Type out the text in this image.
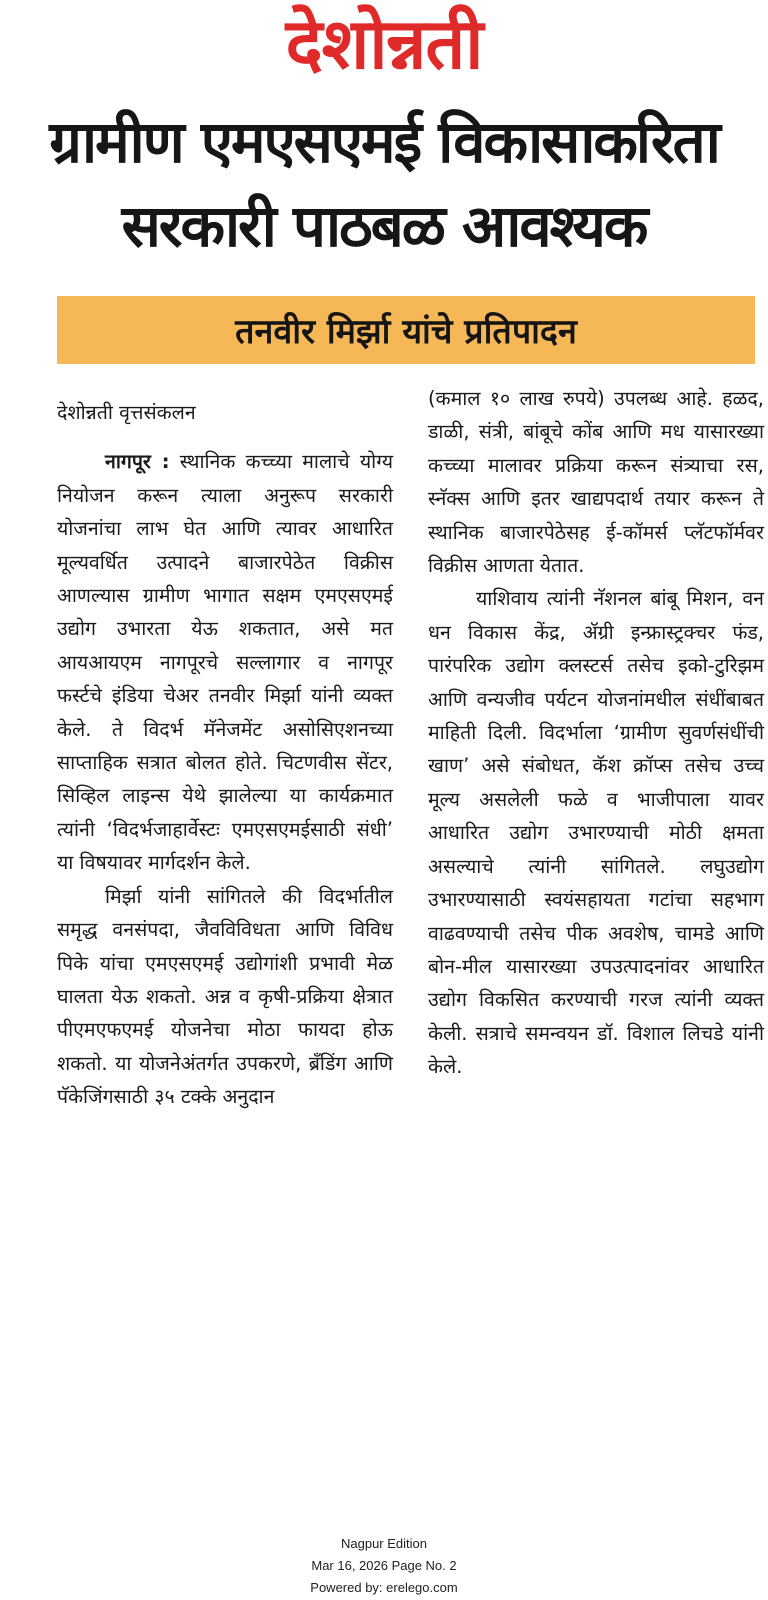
देशोन्नती
ग्रामीण एमएसएमई विकासाकरिता
सरकारी पाठबळ आवश्यक
तनवीर मिर्झा यांचे प्रतिपादन

देशोन्नती वृत्तसंकलन

नागपूर : स्थानिक कच्च्या मालाचे योग्य नियोजन करून त्याला अनुरूप सरकारी योजनांचा लाभ घेत आणि त्यावर आधारित मूल्यवर्धित उत्पादने बाजारपेठेत विक्रीस आणल्यास ग्रामीण भागात सक्षम एमएसएमई उद्योग उभारता येऊ शकतात, असे मत आयआयएम नागपूरचे सल्लागार व नागपूर फर्स्टचे इंडिया चेअर तनवीर मिर्झा यांनी व्यक्त केले. ते विदर्भ मॅनेजमेंट असोसिएशनच्या साप्ताहिक सत्रात बोलत होते. चिटणवीस सेंटर, सिव्हिल लाइन्स येथे झालेल्या या कार्यक्रमात त्यांनी ‘विदर्भजाहार्वेस्टः एमएसएमईसाठी संधी’ या विषयावर मार्गदर्शन केले.

मिर्झा यांनी सांगितले की विदर्भातील समृद्ध वनसंपदा, जैवविविधता आणि विविध पिके यांचा एमएसएमई उद्योगांशी प्रभावी मेळ घालता येऊ शकतो. अन्न व कृषी-प्रक्रिया क्षेत्रात पीएमएफएमई योजनेचा मोठा फायदा होऊ शकतो. या योजनेअंतर्गत उपकरणे, ब्रँडिंग आणि पॅकेजिंगसाठी ३५ टक्के अनुदान

(कमाल १० लाख रुपये) उपलब्ध आहे. हळद, डाळी, संत्री, बांबूचे कोंब आणि मध यासारख्या कच्च्या मालावर प्रक्रिया करून संत्र्याचा रस, स्नॅक्स आणि इतर खाद्यपदार्थ तयार करून ते स्थानिक बाजारपेठेसह ई-कॉमर्स प्लॅटफॉर्मवर विक्रीस आणता येतात.

याशिवाय त्यांनी नॅशनल बांबू मिशन, वन धन विकास केंद्र, ॲग्री इन्फ्रास्ट्रक्चर फंड, पारंपरिक उद्योग क्लस्टर्स तसेच इको-टुरिझम आणि वन्यजीव पर्यटन योजनांमधील संधींबाबत माहिती दिली. विदर्भाला ‘ग्रामीण सुवर्णसंधींची खाण’ असे संबोधत, कॅश क्रॉप्स तसेच उच्च मूल्य असलेली फळे व भाजीपाला यावर आधारित उद्योग उभारण्याची मोठी क्षमता असल्याचे त्यांनी सांगितले. लघुउद्योग उभारण्यासाठी स्वयंसहायता गटांचा सहभाग वाढवण्याची तसेच पीक अवशेष, चामडे आणि बोन-मील यासारख्या उपउत्पादनांवर आधारित उद्योग विकसित करण्याची गरज त्यांनी व्यक्त केली. सत्राचे समन्वयन डॉ. विशाल लिचडे यांनी केले.

Nagpur Edition
Mar 16, 2026 Page No. 2
Powered by: erelego.com
